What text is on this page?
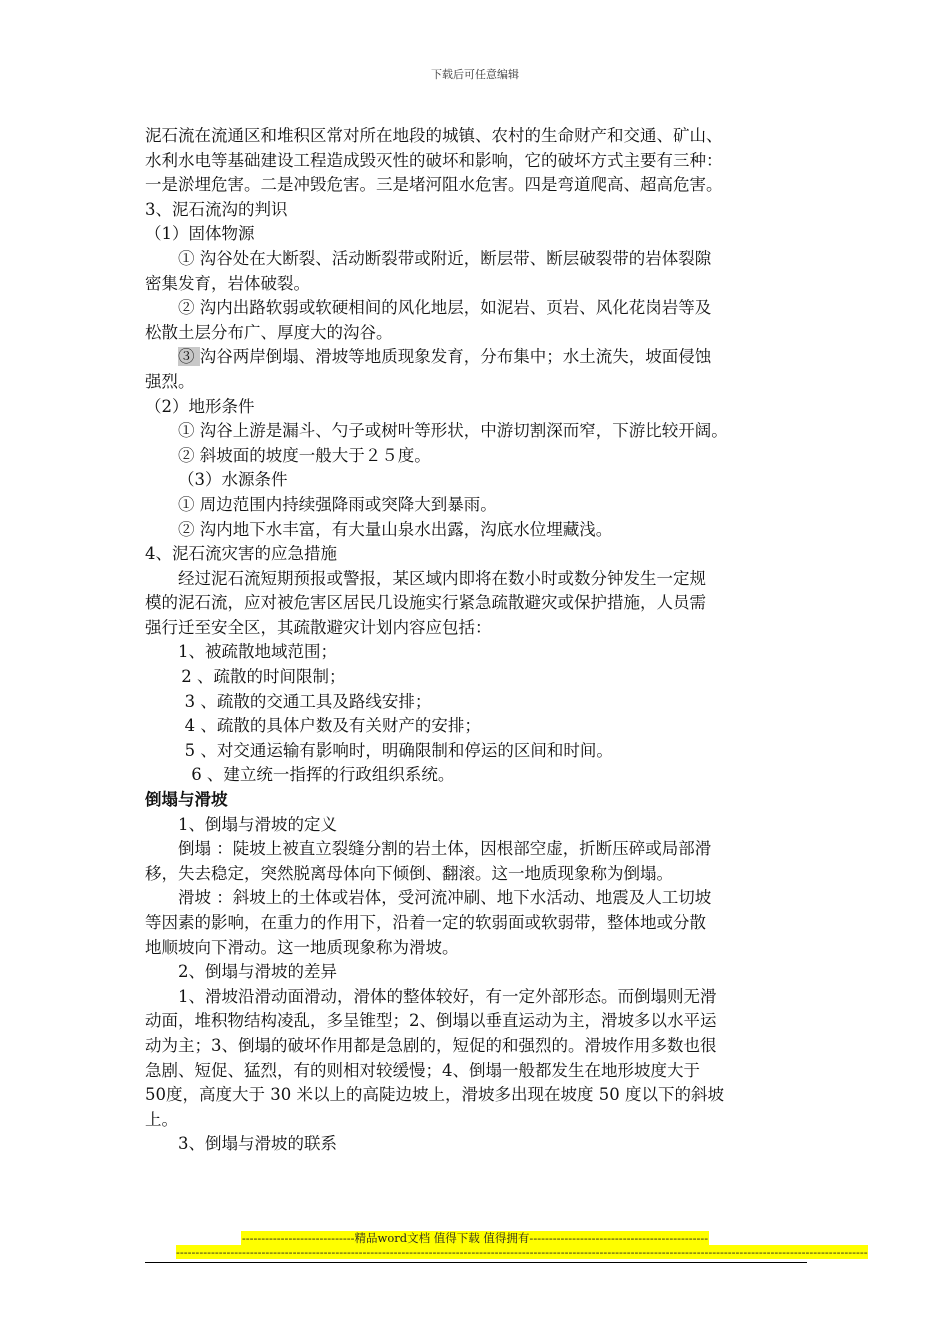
下载后可任意编辑
泥石流在流通区和堆积区常对所在地段的城镇、农村的生命财产和交通、矿山、
水利水电等基础建设工程造成毁灭性的破坏和影响，它的破坏方式主要有三种：
一是淤埋危害。二是冲毁危害。三是堵河阻水危害。四是弯道爬高、超高危害。
3、泥石流沟的判识
（1）固体物源
① 沟谷处在大断裂、活动断裂带或附近，断层带、断层破裂带的岩体裂隙
密集发育，岩体破裂。
② 沟内出路软弱或软硬相间的风化地层，如泥岩、页岩、风化花岗岩等及
松散土层分布广、厚度大的沟谷。
③ 沟谷两岸倒塌、滑坡等地质现象发育，分布集中；水土流失，坡面侵蚀
强烈。
（2）地形条件
① 沟谷上游是漏斗、勺子或树叶等形状，中游切割深而窄，下游比较开阔。
② 斜坡面的坡度一般大于２５度。
（3）水源条件
① 周边范围内持续强降雨或突降大到暴雨。
② 沟内地下水丰富，有大量山泉水出露，沟底水位埋藏浅。
4、泥石流灾害的应急措施
经过泥石流短期预报或警报，某区域内即将在数小时或数分钟发生一定规
模的泥石流，应对被危害区居民几设施实行紧急疏散避灾或保护措施，人员需
强行迁至安全区，其疏散避灾计划内容应包括：
1、被疏散地域范围；
2 、疏散的时间限制；
3 、疏散的交通工具及路线安排；
4 、疏散的具体户数及有关财产的安排；
5 、对交通运输有影响时，明确限制和停运的区间和时间。
6 、建立统一指挥的行政组织系统。
倒塌与滑坡
1、倒塌与滑坡的定义
倒塌 ：陡坡上被直立裂缝分割的岩土体，因根部空虚，折断压碎或局部滑
移，失去稳定，突然脱离母体向下倾倒、翻滚。这一地质现象称为倒塌。
滑坡 ：斜坡上的土体或岩体，受河流冲刷、地下水活动、地震及人工切坡
等因素的影响，在重力的作用下，沿着一定的软弱面或软弱带，整体地或分散
地顺坡向下滑动。这一地质现象称为滑坡。
2、倒塌与滑坡的差异
1、滑坡沿滑动面滑动，滑体的整体较好，有一定外部形态。而倒塌则无滑
动面，堆积物结构凌乱，多呈锥型；2、倒塌以垂直运动为主，滑坡多以水平运
动为主；3、倒塌的破坏作用都是急剧的，短促的和强烈的。滑坡作用多数也很
急剧、短促、猛烈，有的则相对较缓慢；4、倒塌一般都发生在地形坡度大于
50度，高度大于 30 米以上的高陡边坡上，滑坡多出现在坡度 50 度以下的斜坡
上。
3、倒塌与滑坡的联系
-----------------------------精品word文档 值得下载 值得拥有----------------------------------------------
----------------------------------------------------------------------------------------------------------------------------------------------------------------------------------
